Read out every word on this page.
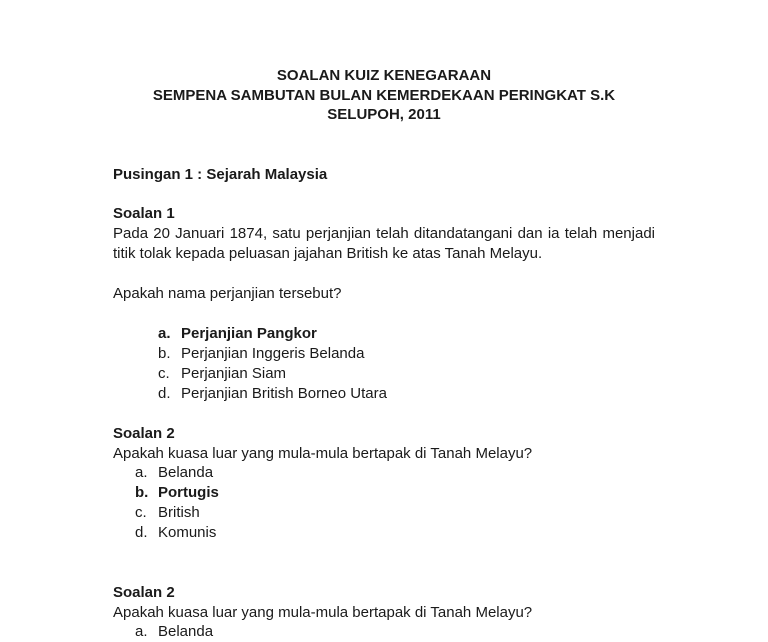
SOALAN KUIZ KENEGARAAN
SEMPENA SAMBUTAN BULAN KEMERDEKAAN PERINGKAT S.K
SELUPOH, 2011
Pusingan 1 : Sejarah Malaysia
Soalan 1
Pada 20 Januari 1874, satu perjanjian telah ditandatangani dan ia telah menjadi titik tolak kepada peluasan jajahan British ke atas Tanah Melayu.
Apakah nama perjanjian tersebut?
a. Perjanjian Pangkor
b. Perjanjian Inggeris Belanda
c. Perjanjian Siam
d. Perjanjian British Borneo Utara
Soalan 2
Apakah kuasa luar yang mula-mula bertapak di Tanah Melayu?
a. Belanda
b. Portugis
c. British
d. Komunis
Soalan 2
Apakah kuasa luar yang mula-mula bertapak di Tanah Melayu?
a. Belanda
